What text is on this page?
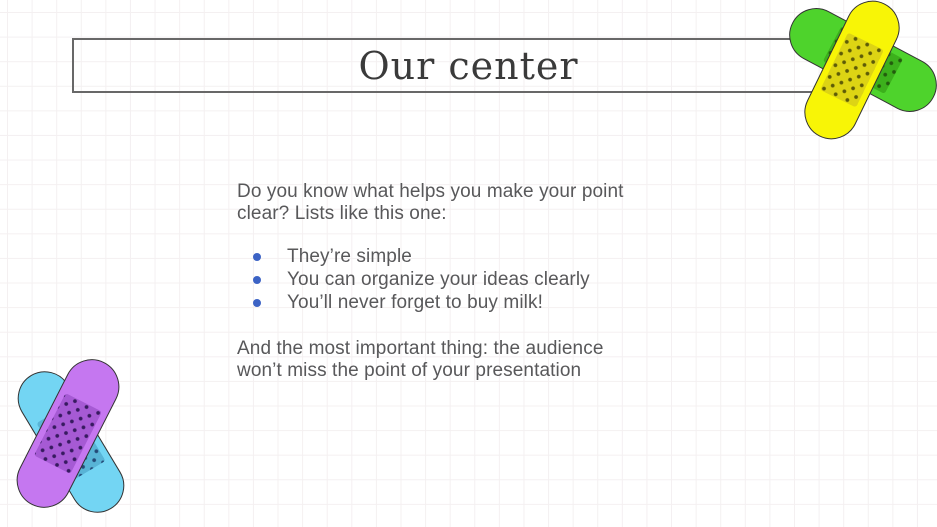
Our center

Do you know what helps you make your point
clear? Lists like this one:

They’re simple
You can organize your ideas clearly
You’ll never forget to buy milk!

And the most important thing: the audience
won’t miss the point of your presentation
